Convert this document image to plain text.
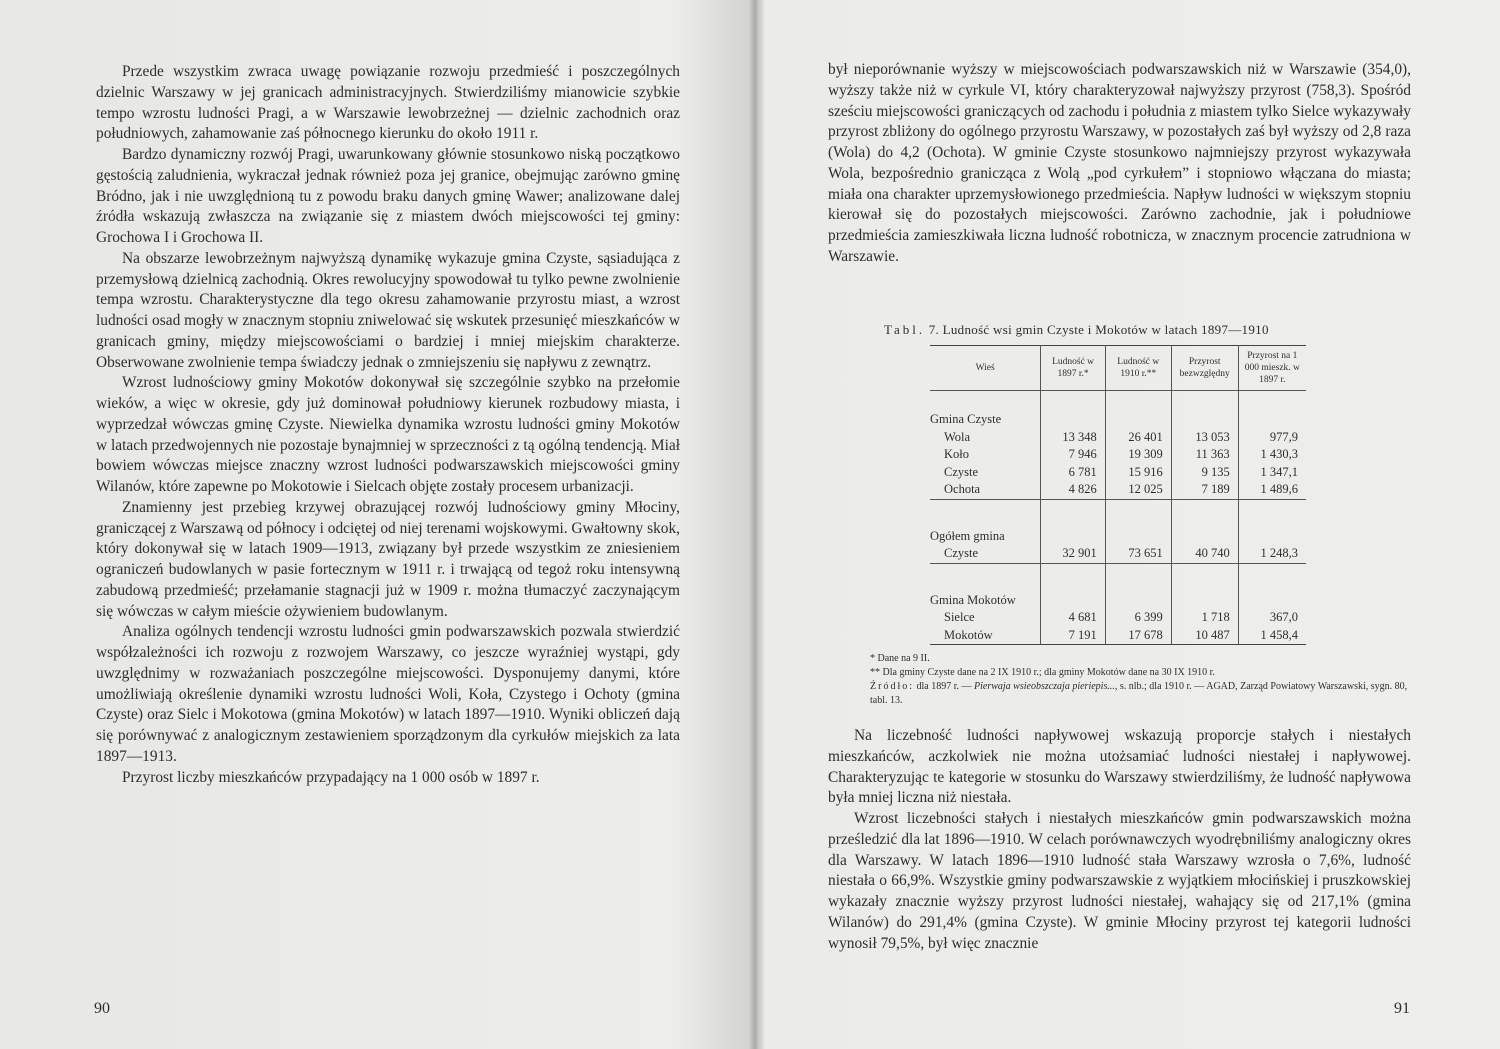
Przede wszystkim zwraca uwagę powiązanie rozwoju przedmieść i poszczególnych dzielnic Warszawy w jej granicach administracyjnych. Stwierdziliśmy mianowicie szybkie tempo wzrostu ludności Pragi, a w Warszawie lewobrzeżnej — dzielnic zachodnich oraz południowych, zahamowanie zaś północnego kierunku do około 1911 r.

Bardzo dynamiczny rozwój Pragi, uwarunkowany głównie stosunkowo niską początkowo gęstością zaludnienia, wykraczał jednak również poza jej granice, obejmując zarówno gminę Bródno, jak i nie uwzględnioną tu z powodu braku danych gminę Wawer; analizowane dalej źródła wskazują zwłaszcza na związanie się z miastem dwóch miejscowości tej gminy: Grochowa I i Grochowa II.

Na obszarze lewobrzeżnym najwyższą dynamikę wykazuje gmina Czyste, sąsiadująca z przemysłową dzielnicą zachodnią. Okres rewolucyjny spowodował tu tylko pewne zwolnienie tempa wzrostu. Charakterystyczne dla tego okresu zahamowanie przyrostu miast, a wzrost ludności osad mogły w znacznym stopniu zniwelować się wskutek przesunięć mieszkańców w granicach gminy, między miejscowościami o bardziej i mniej miejskim charakterze. Obserwowane zwolnienie tempa świadczy jednak o zmniejszeniu się napływu z zewnątrz.

Wzrost ludnościowy gminy Mokotów dokonywał się szczególnie szybko na przełomie wieków, a więc w okresie, gdy już dominował południowy kierunek rozbudowy miasta, i wyprzedzał wówczas gminę Czyste. Niewielka dynamika wzrostu ludności gminy Mokotów w latach przedwojennych nie pozostaje bynajmniej w sprzeczności z tą ogólną tendencją. Miał bowiem wówczas miejsce znaczny wzrost ludności podwarszawskich miejscowości gminy Wilanów, które zapewne po Mokotowie i Sielcach objęte zostały procesem urbanizacji.

Znamienny jest przebieg krzywej obrazującej rozwój ludnościowy gminy Młociny, graniczącej z Warszawą od północy i odciętej od niej terenami wojskowymi. Gwałtowny skok, który dokonywał się w latach 1909—1913, związany był przede wszystkim ze zniesieniem ograniczeń budowlanych w pasie fortecznym w 1911 r. i trwającą od tegoż roku intensywną zabudową przedmieść; przełamanie stagnacji już w 1909 r. można tłumaczyć zaczynającym się wówczas w całym mieście ożywieniem budowlanym.

Analiza ogólnych tendencji wzrostu ludności gmin podwarszawskich pozwala stwierdzić współzależności ich rozwoju z rozwojem Warszawy, co jeszcze wyraźniej wystąpi, gdy uwzględnimy w rozważaniach poszczególne miejscowości. Dysponujemy danymi, które umożliwiają określenie dynamiki wzrostu ludności Woli, Koła, Czystego i Ochoty (gmina Czyste) oraz Sielc i Mokotowa (gmina Mokotów) w latach 1897—1910. Wyniki obliczeń dają się porównywać z analogicznym zestawieniem sporządzonym dla cyrkułów miejskich za lata 1897—1913.

Przyrost liczby mieszkańców przypadający na 1 000 osób w 1897 r.

90

był nieporównanie wyższy w miejscowościach podwarszawskich niż w Warszawie (354,0), wyższy także niż w cyrkule VI, który charakteryzował najwyższy przyrost (758,3). Spośród sześciu miejscowości graniczących od zachodu i południa z miastem tylko Sielce wykazywały przyrost zbliżony do ogólnego przyrostu Warszawy, w pozostałych zaś był wyższy od 2,8 raza (Wola) do 4,2 (Ochota). W gminie Czyste stosunkowo najmniejszy przyrost wykazywała Wola, bezpośrednio granicząca z Wolą „pod cyrkułem” i stopniowo włączana do miasta; miała ona charakter uprzemysłowionego przedmieścia. Napływ ludności w większym stopniu kierował się do pozostałych miejscowości. Zarówno zachodnie, jak i południowe przedmieścia zamieszkiwała liczna ludność robotnicza, w znacznym procencie zatrudniona w Warszawie.

Tabl. 7. Ludność wsi gmin Czyste i Mokotów w latach 1897—1910
Wieś	Ludność w 1897 r.*	Ludność w 1910 r.**	Przyrost bezwzględny	Przyrost na 1 000 mieszk. w 1897 r.

Gmina Czyste				
Wola	13 348	26 401	13 053	977,9
Koło	7 946	19 309	11 363	1 430,3
Czyste	6 781	15 916	9 135	1 347,1
Ochota	4 826	12 025	7 189	1 489,6

Ogółem gmina				
Czyste	32 901	73 651	40 740	1 248,3

Gmina Mokotów				
Sielce	4 681	6 399	1 718	367,0
Mokotów	7 191	17 678	10 487	1 458,4
* Dane na 9 II.
** Dla gminy Czyste dane na 2 IX 1910 r.; dla gminy Mokotów dane na 30 IX 1910 r.
Źródło: dla 1897 r. — Pierwaja wsieobszczaja pieriepis..., s. nlb.; dla 1910 r. — AGAD, Zarząd Powiatowy Warszawski, sygn. 80, tabl. 13.

Na liczebność ludności napływowej wskazują proporcje stałych i niestałych mieszkańców, aczkolwiek nie można utożsamiać ludności niestałej i napływowej. Charakteryzując te kategorie w stosunku do Warszawy stwierdziliśmy, że ludność napływowa była mniej liczna niż niestała.

Wzrost liczebności stałych i niestałych mieszkańców gmin podwarszawskich można prześledzić dla lat 1896—1910. W celach porównawczych wyodrębniliśmy analogiczny okres dla Warszawy. W latach 1896—1910 ludność stała Warszawy wzrosła o 7,6%, ludność niestała o 66,9%. Wszystkie gminy podwarszawskie z wyjątkiem młocińskiej i pruszkowskiej wykazały znacznie wyższy przyrost ludności niestałej, wahający się od 217,1% (gmina Wilanów) do 291,4% (gmina Czyste). W gminie Młociny przyrost tej kategorii ludności wynosił 79,5%, był więc znacznie

91
